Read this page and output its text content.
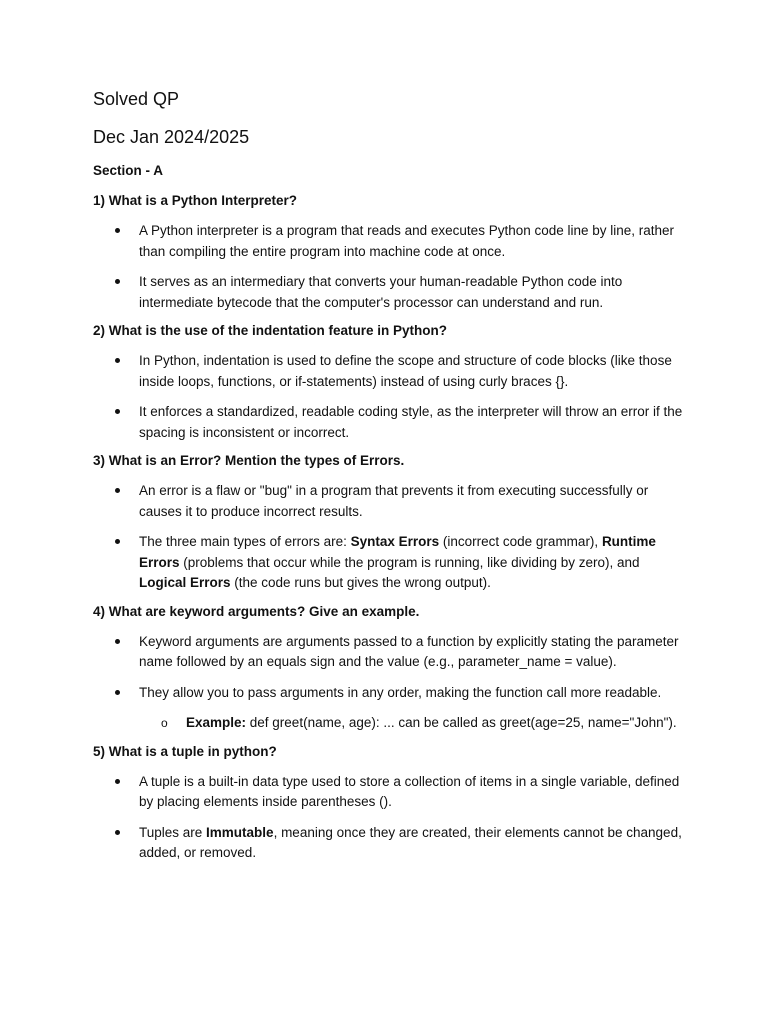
Solved QP
Dec Jan 2024/2025

Section - A

1) What is a Python Interpreter?

A Python interpreter is a program that reads and executes Python code line by line, rather than compiling the entire program into machine code at once.
It serves as an intermediary that converts your human-readable Python code into intermediate bytecode that the computer's processor can understand and run.

2) What is the use of the indentation feature in Python?

In Python, indentation is used to define the scope and structure of code blocks (like those inside loops, functions, or if-statements) instead of using curly braces {}.
It enforces a standardized, readable coding style, as the interpreter will throw an error if the spacing is inconsistent or incorrect.

3) What is an Error? Mention the types of Errors.

An error is a flaw or "bug" in a program that prevents it from executing successfully or causes it to produce incorrect results.
The three main types of errors are: Syntax Errors (incorrect code grammar), Runtime Errors (problems that occur while the program is running, like dividing by zero), and Logical Errors (the code runs but gives the wrong output).

4) What are keyword arguments? Give an example.

Keyword arguments are arguments passed to a function by explicitly stating the parameter name followed by an equals sign and the value (e.g., parameter_name = value).
They allow you to pass arguments in any order, making the function call more readable.
o Example: def greet(name, age): ... can be called as greet(age=25, name="John").

5) What is a tuple in python?

A tuple is a built-in data type used to store a collection of items in a single variable, defined by placing elements inside parentheses ().
Tuples are Immutable, meaning once they are created, their elements cannot be changed, added, or removed.
